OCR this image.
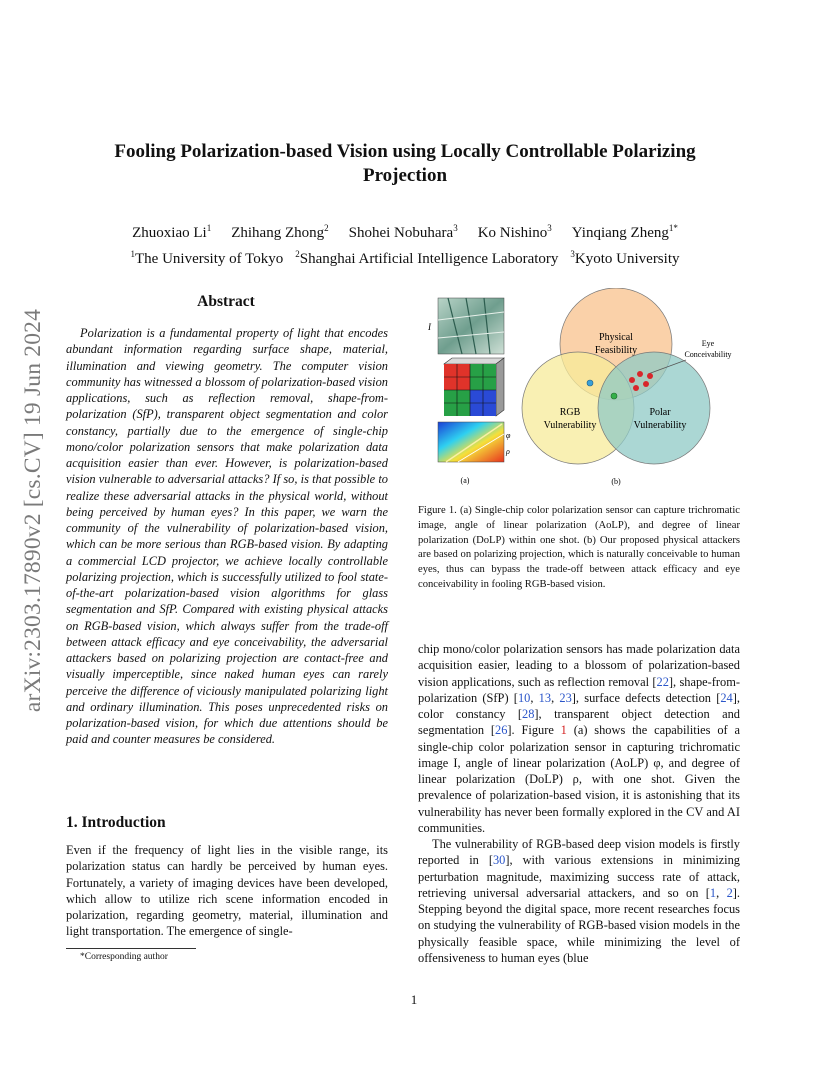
arXiv:2303.17890v2 [cs.CV] 19 Jun 2024
Fooling Polarization-based Vision using Locally Controllable Polarizing Projection
Zhuoxiao Li$^1$ Zhihang Zhong$^2$ Shohei Nobuhara$^3$ Ko Nishino$^3$ Yinqiang Zheng$^{1*}$
$^1$The University of Tokyo $^2$Shanghai Artificial Intelligence Laboratory $^3$Kyoto University
Abstract

Polarization is a fundamental property of light that encodes abundant information regarding surface shape, material, illumination and viewing geometry. The computer vision community has witnessed a blossom of polarization-based vision applications, such as reflection removal, shape-from-polarization (SfP), transparent object segmentation and color constancy, partially due to the emergence of single-chip mono/color polarization sensors that make polarization data acquisition easier than ever. However, is polarization-based vision vulnerable to adversarial attacks? If so, is that possible to realize these adversarial attacks in the physical world, without being perceived by human eyes? In this paper, we warn the community of the vulnerability of polarization-based vision, which can be more serious than RGB-based vision. By adapting a commercial LCD projector, we achieve locally controllable polarizing projection, which is successfully utilized to fool state-of-the-art polarization-based vision algorithms for glass segmentation and SfP. Compared with existing physical attacks on RGB-based vision, which always suffer from the trade-off between attack efficacy and eye conceivability, the adversarial attackers based on polarizing projection are contact-free and visually imperceptible, since naked human eyes can rarely perceive the difference of viciously manipulated polarizing light and ordinary illumination. This poses unprecedented risks on polarization-based vision, for which due attentions should be paid and counter measures be considered.

1. Introduction

Even if the frequency of light lies in the visible range, its polarization status can hardly be perceived by human eyes. Fortunately, a variety of imaging devices have been developed, which allow to utilize rich scene information encoded in polarization, regarding geometry, material, illumination and light transportation. The emergence of single-

*Corresponding author
I
φ
ρ
(a)
Physical
Feasibility
RGB
Vulnerability
Polar
Vulnerability
Eye
Conceivability
(b)

Figure 1. (a) Single-chip color polarization sensor can capture trichromatic image, angle of linear polarization (AoLP), and degree of linear polarization (DoLP) within one shot. (b) Our proposed physical attackers are based on polarizing projection, which is naturally conceivable to human eyes, thus can bypass the trade-off between attack efficacy and eye conceivability in fooling RGB-based vision.

chip mono/color polarization sensors has made polarization data acquisition easier, leading to a blossom of polarization-based vision applications, such as reflection removal [22], shape-from-polarization (SfP) [10, 13, 23], surface defects detection [24], color constancy [28], transparent object detection and segmentation [26]. Figure 1 (a) shows the capabilities of a single-chip color polarization sensor in capturing trichromatic image I, angle of linear polarization (AoLP) φ, and degree of linear polarization (DoLP) ρ, with one shot. Given the prevalence of polarization-based vision, it is astonishing that its vulnerability has never been formally explored in the CV and AI communities.

The vulnerability of RGB-based deep vision models is firstly reported in [30], with various extensions in minimizing perturbation magnitude, maximizing success rate of attack, retrieving universal adversarial attackers, and so on [1, 2]. Stepping beyond the digital space, more recent researches focus on studying the vulnerability of RGB-based vision models in the physically feasible space, while minimizing the level of offensiveness to human eyes (blue

1
